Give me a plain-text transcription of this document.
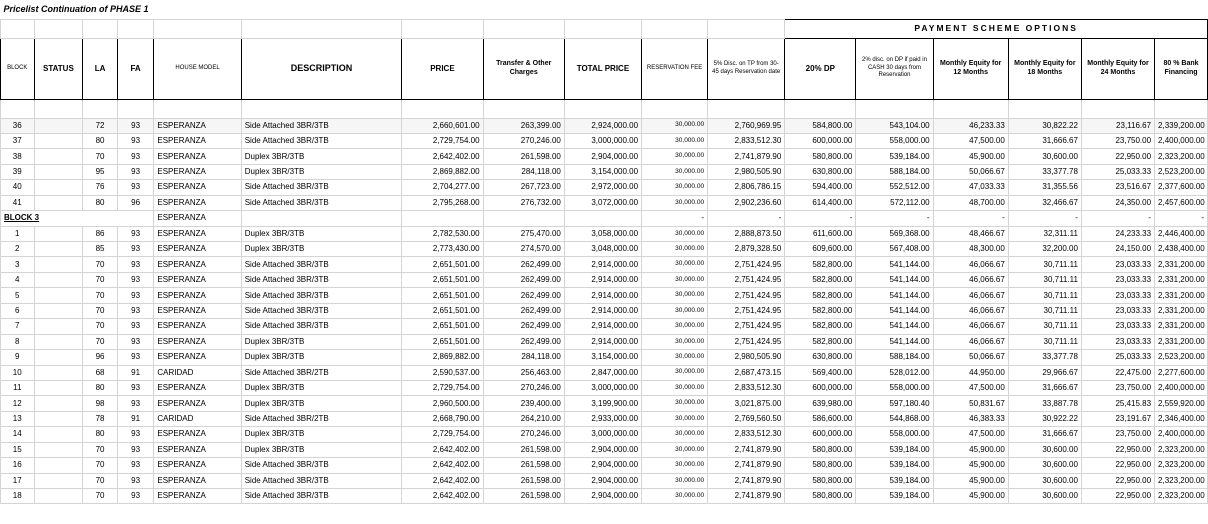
Pricelist Continuation of PHASE 1																
											PAYMENT SCHEME OPTIONS					
BLOCK	STATUS	LA	FA	HOUSE MODEL	DESCRIPTION	PRICE	Transfer & Other Charges	TOTAL PRICE	RESERVATION FEE	5% Disc. on TP from 30-45 days Reservation date	20% DP	2% disc. on DP if paid in CASH 30 days from Reservation	Monthly Equity for 12 Months	Monthly Equity for 18 Months	Monthly Equity for 24 Months	80 % Bank Financing

36		72	93	ESPERANZA	Side Attached 3BR/3TB	2,660,601.00	263,399.00	2,924,000.00	30,000.00	2,760,969.95	584,800.00	543,104.00	46,233.33	30,822.22	23,116.67	2,339,200.00
37		80	93	ESPERANZA	Side Attached 3BR/3TB	2,729,754.00	270,246.00	3,000,000.00	30,000.00	2,833,512.30	600,000.00	558,000.00	47,500.00	31,666.67	23,750.00	2,400,000.00
38		70	93	ESPERANZA	Duplex 3BR/3TB	2,642,402.00	261,598.00	2,904,000.00	30,000.00	2,741,879.90	580,800.00	539,184.00	45,900.00	30,600.00	22,950.00	2,323,200.00
39		95	93	ESPERANZA	Duplex 3BR/3TB	2,869,882.00	284,118.00	3,154,000.00	30,000.00	2,980,505.90	630,800.00	588,184.00	50,066.67	33,377.78	25,033.33	2,523,200.00
40		76	93	ESPERANZA	Side Attached 3BR/3TB	2,704,277.00	267,723.00	2,972,000.00	30,000.00	2,806,786.15	594,400.00	552,512.00	47,033.33	31,355.56	23,516.67	2,377,600.00
41		80	96	ESPERANZA	Side Attached 3BR/3TB	2,795,268.00	276,732.00	3,072,000.00	30,000.00	2,902,236.60	614,400.00	572,112.00	48,700.00	32,466.67	24,350.00	2,457,600.00
BLOCK 3				ESPERANZA					-	-	-	-	-	-	-	-
1		86	93	ESPERANZA	Duplex 3BR/3TB	2,782,530.00	275,470.00	3,058,000.00	30,000.00	2,888,873.50	611,600.00	569,368.00	48,466.67	32,311.11	24,233.33	2,446,400.00
2		85	93	ESPERANZA	Duplex 3BR/3TB	2,773,430.00	274,570.00	3,048,000.00	30,000.00	2,879,328.50	609,600.00	567,408.00	48,300.00	32,200.00	24,150.00	2,438,400.00
3		70	93	ESPERANZA	Side Attached 3BR/3TB	2,651,501.00	262,499.00	2,914,000.00	30,000.00	2,751,424.95	582,800.00	541,144.00	46,066.67	30,711.11	23,033.33	2,331,200.00
4		70	93	ESPERANZA	Side Attached 3BR/3TB	2,651,501.00	262,499.00	2,914,000.00	30,000.00	2,751,424.95	582,800.00	541,144.00	46,066.67	30,711.11	23,033.33	2,331,200.00
5		70	93	ESPERANZA	Side Attached 3BR/3TB	2,651,501.00	262,499.00	2,914,000.00	30,000.00	2,751,424.95	582,800.00	541,144.00	46,066.67	30,711.11	23,033.33	2,331,200.00
6		70	93	ESPERANZA	Side Attached 3BR/3TB	2,651,501.00	262,499.00	2,914,000.00	30,000.00	2,751,424.95	582,800.00	541,144.00	46,066.67	30,711.11	23,033.33	2,331,200.00
7		70	93	ESPERANZA	Side Attached 3BR/3TB	2,651,501.00	262,499.00	2,914,000.00	30,000.00	2,751,424.95	582,800.00	541,144.00	46,066.67	30,711.11	23,033.33	2,331,200.00
8		70	93	ESPERANZA	Duplex 3BR/3TB	2,651,501.00	262,499.00	2,914,000.00	30,000.00	2,751,424.95	582,800.00	541,144.00	46,066.67	30,711.11	23,033.33	2,331,200.00
9		96	93	ESPERANZA	Duplex 3BR/3TB	2,869,882.00	284,118.00	3,154,000.00	30,000.00	2,980,505.90	630,800.00	588,184.00	50,066.67	33,377.78	25,033.33	2,523,200.00
10		68	91	CARIDAD	Side Attached 3BR/2TB	2,590,537.00	256,463.00	2,847,000.00	30,000.00	2,687,473.15	569,400.00	528,012.00	44,950.00	29,966.67	22,475.00	2,277,600.00
11		80	93	ESPERANZA	Duplex 3BR/3TB	2,729,754.00	270,246.00	3,000,000.00	30,000.00	2,833,512.30	600,000.00	558,000.00	47,500.00	31,666.67	23,750.00	2,400,000.00
12		98	93	ESPERANZA	Duplex 3BR/3TB	2,960,500.00	239,400.00	3,199,900.00	30,000.00	3,021,875.00	639,980.00	597,180.40	50,831.67	33,887.78	25,415.83	2,559,920.00
13		78	91	CARIDAD	Side Attached 3BR/2TB	2,668,790.00	264,210.00	2,933,000.00	30,000.00	2,769,560.50	586,600.00	544,868.00	46,383.33	30,922.22	23,191.67	2,346,400.00
14		80	93	ESPERANZA	Duplex 3BR/3TB	2,729,754.00	270,246.00	3,000,000.00	30,000.00	2,833,512.30	600,000.00	558,000.00	47,500.00	31,666.67	23,750.00	2,400,000.00
15		70	93	ESPERANZA	Duplex 3BR/3TB	2,642,402.00	261,598.00	2,904,000.00	30,000.00	2,741,879.90	580,800.00	539,184.00	45,900.00	30,600.00	22,950.00	2,323,200.00
16		70	93	ESPERANZA	Side Attached 3BR/3TB	2,642,402.00	261,598.00	2,904,000.00	30,000.00	2,741,879.90	580,800.00	539,184.00	45,900.00	30,600.00	22,950.00	2,323,200.00
17		70	93	ESPERANZA	Side Attached 3BR/3TB	2,642,402.00	261,598.00	2,904,000.00	30,000.00	2,741,879.90	580,800.00	539,184.00	45,900.00	30,600.00	22,950.00	2,323,200.00
18		70	93	ESPERANZA	Side Attached 3BR/3TB	2,642,402.00	261,598.00	2,904,000.00	30,000.00	2,741,879.90	580,800.00	539,184.00	45,900.00	30,600.00	22,950.00	2,323,200.00
